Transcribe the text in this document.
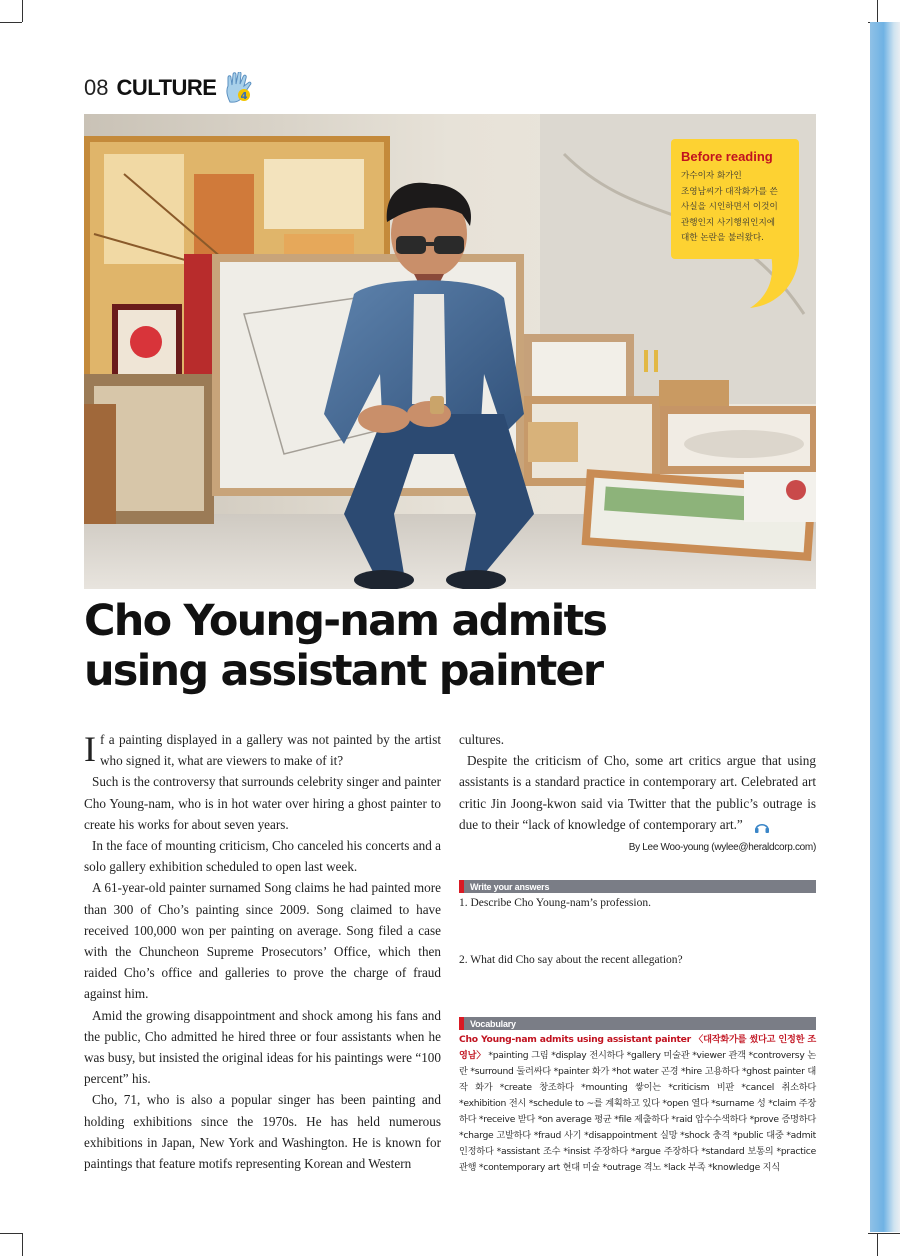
08 CULTURE 4
Before reading
가수이자 화가인
조영남씨가 대작화가를 쓴
사실을 시인하면서 이것이
관행인지 사기행위인지에
대한 논란을 불러왔다.
Cho Young-nam admits
using assistant painter

If a painting displayed in a gallery was not painted by the artist who signed it, what are viewers to make of it?

Such is the controversy that surrounds celebrity singer and painter Cho Young-nam, who is in hot water over hiring a ghost painter to create his works for about seven years.

In the face of mounting criticism, Cho canceled his concerts and a solo gallery exhibition scheduled to open last week.

A 61-year-old painter surnamed Song claims he had painted more than 300 of Cho’s painting since 2009. Song claimed to have received 100,000 won per painting on average. Song filed a case with the Chuncheon Supreme Prosecutors’ Office, which then raided Cho’s office and galleries to prove the charge of fraud against him.

Amid the growing disappointment and shock among his fans and the public, Cho admitted he hired three or four assistants when he was busy, but insisted the original ideas for his paintings were “100 percent” his.

Cho, 71, who is also a popular singer has been painting and holding exhibitions since the 1970s. He has held numerous exhibitions in Japan, New York and Washington. He is known for paintings that feature motifs representing Korean and Western

cultures.

Despite the criticism of Cho, some art critics argue that using assistants is a standard practice in contemporary art. Celebrated art critic Jin Joong-kwon said via Twitter that the public’s outrage is due to their “lack of knowledge of contemporary art.”

By Lee Woo-young (wylee@heraldcorp.com)
Write your answers
1. Describe Cho Young-nam’s profession.
2. What did Cho say about the recent allegation?
Vocabulary
Cho Young-nam admits using assistant painter 〈대작화가를 썼다고 인정한 조영남〉 *painting 그림 *display 전시하다 *gallery 미술관 *viewer 관객 *controversy 논란 *surround 둘러싸다 *painter 화가 *hot water 곤경 *hire 고용하다 *ghost painter 대작 화가 *create 창조하다 *mounting 쌓이는 *criticism 비판 *cancel 취소하다 *exhibition 전시 *schedule to ~를 계획하고 있다 *open 열다 *surname 성 *claim 주장하다 *receive 받다 *on average 평균 *file 제출하다 *raid 압수수색하다 *prove 증명하다 *charge 고발하다 *fraud 사기 *disappointment 실망 *shock 충격 *public 대중 *admit 인정하다 *assistant 조수 *insist 주장하다 *argue 주장하다 *standard 보통의 *practice 관행 *contemporary art 현대 미술 *outrage 격노 *lack 부족 *knowledge 지식
